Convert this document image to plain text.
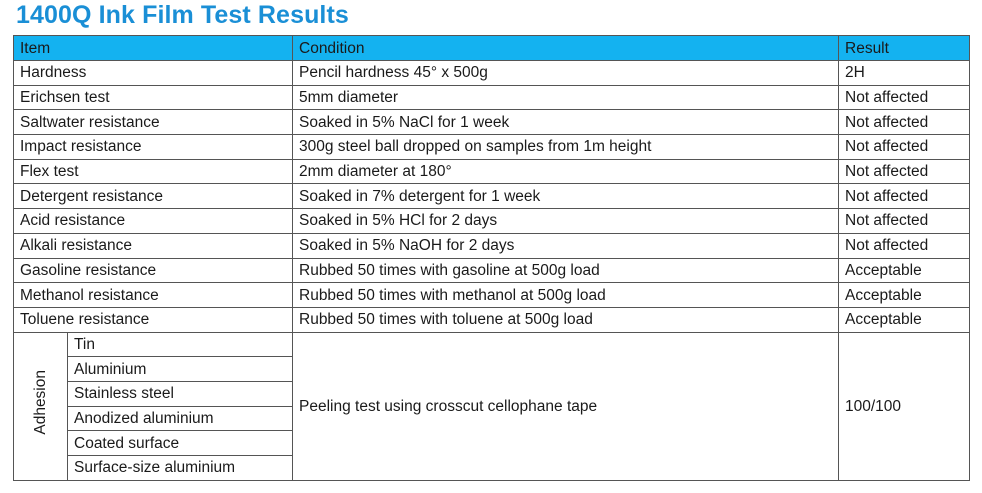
1400Q Ink Film Test Results
Item		Condition	Result
Hardness		Pencil hardness 45° x 500g	2H
Erichsen test		5mm diameter	Not affected
Saltwater resistance		Soaked in 5% NaCl for 1 week	Not affected
Impact resistance		300g steel ball dropped on samples from 1m height	Not affected
Flex test		2mm diameter at 180°	Not affected
Detergent resistance		Soaked in 7% detergent for 1 week	Not affected
Acid resistance		Soaked in 5% HCl for 2 days	Not affected
Alkali resistance		Soaked in 5% NaOH for 2 days	Not affected
Gasoline resistance		Rubbed 50 times with gasoline at 500g load	Acceptable
Methanol resistance		Rubbed 50 times with methanol at 500g load	Acceptable
Toluene resistance		Rubbed 50 times with toluene at 500g load	Acceptable
Adhesion	Tin	Peeling test using crosscut cellophane tape	100/100
	Aluminium		
	Stainless steel		
	Anodized aluminium		
	Coated surface		
	Surface-size aluminium		
